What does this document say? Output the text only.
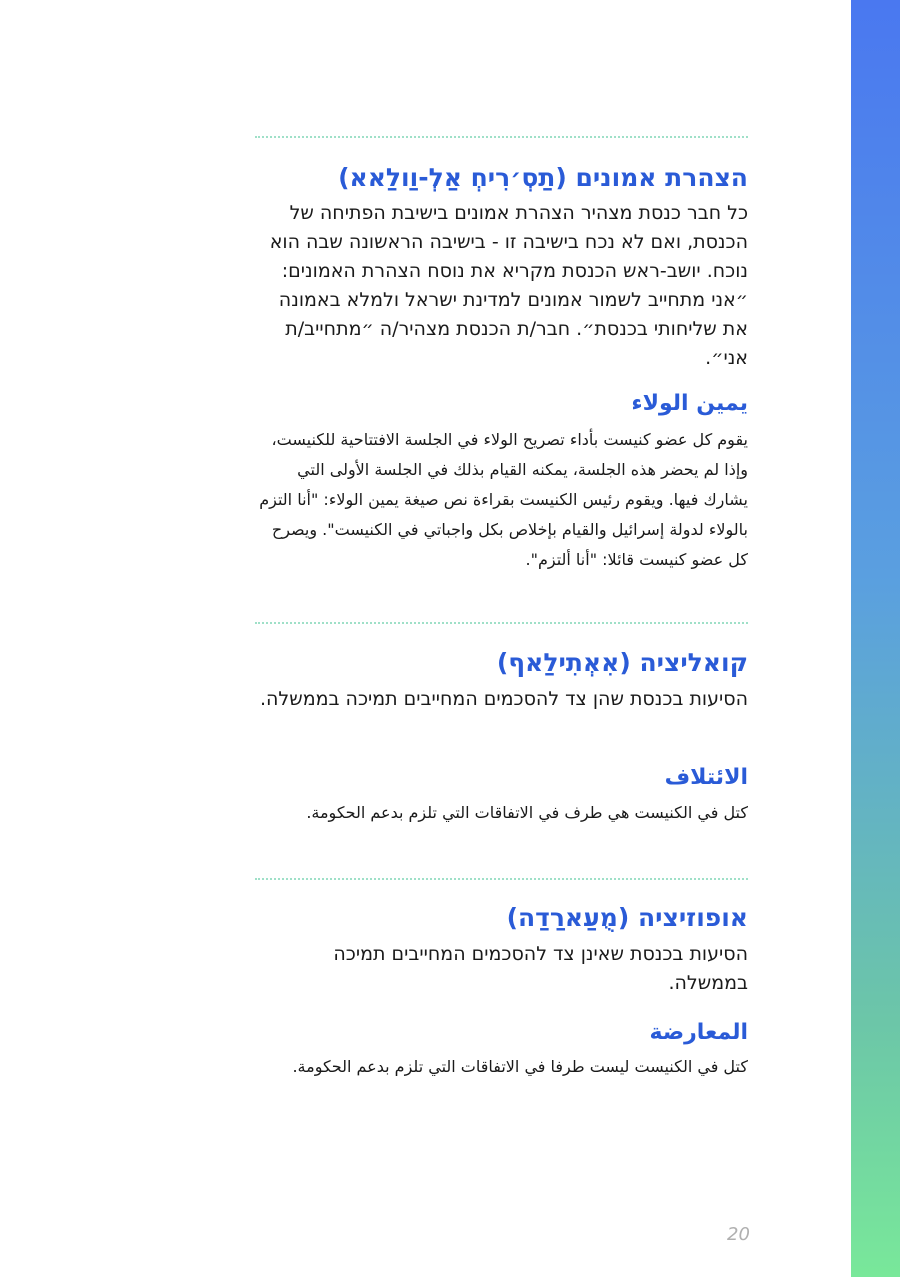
הצהרת אמונים (תַסְ׳רִיחְ אַלְ-וַולַאא)

כל חבר כנסת מצהיר הצהרת אמונים בישיבת הפתיחה של הכנסת, ואם לא נכח בישיבה זו - בישיבה הראשונה שבה הוא נוכח. יושב-ראש הכנסת מקריא את נוסח הצהרת האמונים: ״אני מתחייב לשמור אמונים למדינת ישראל ולמלא באמונה את שליחותי בכנסת״. חבר/ת הכנסת מצהיר/ה ״מתחייב/ת אני״.

يمين الولاء

يقوم كل عضو كنيست بأداء تصريح الولاء في الجلسة الافتتاحية للكنيست، وإذا لم يحضر هذه الجلسة، يمكنه القيام بذلك في الجلسة الأولى التي يشارك فيها. ويقوم رئيس الكنيست بقراءة نص صيغة يمين الولاء: "أنا التزم بالولاء لدولة إسرائيل والقيام بإخلاص بكل واجباتي في الكنيست". ويصرح كل عضو كنيست قائلا: "أنا ألتزم".

קואליציה (אִאְתִילַאף)

הסיעות בכנסת שהן צד להסכמים המחייבים תמיכה בממשלה.

الائتلاف

كتل في الكنيست هي طرف في الاتفاقات التي تلزم بدعم الحكومة.

אופוזיציה (מֻעַארַדַה)

הסיעות בכנסת שאינן צד להסכמים המחייבים תמיכה בממשלה.

المعارضة

كتل في الكنيست ليست طرفا في الاتفاقات التي تلزم بدعم الحكومة.

20
